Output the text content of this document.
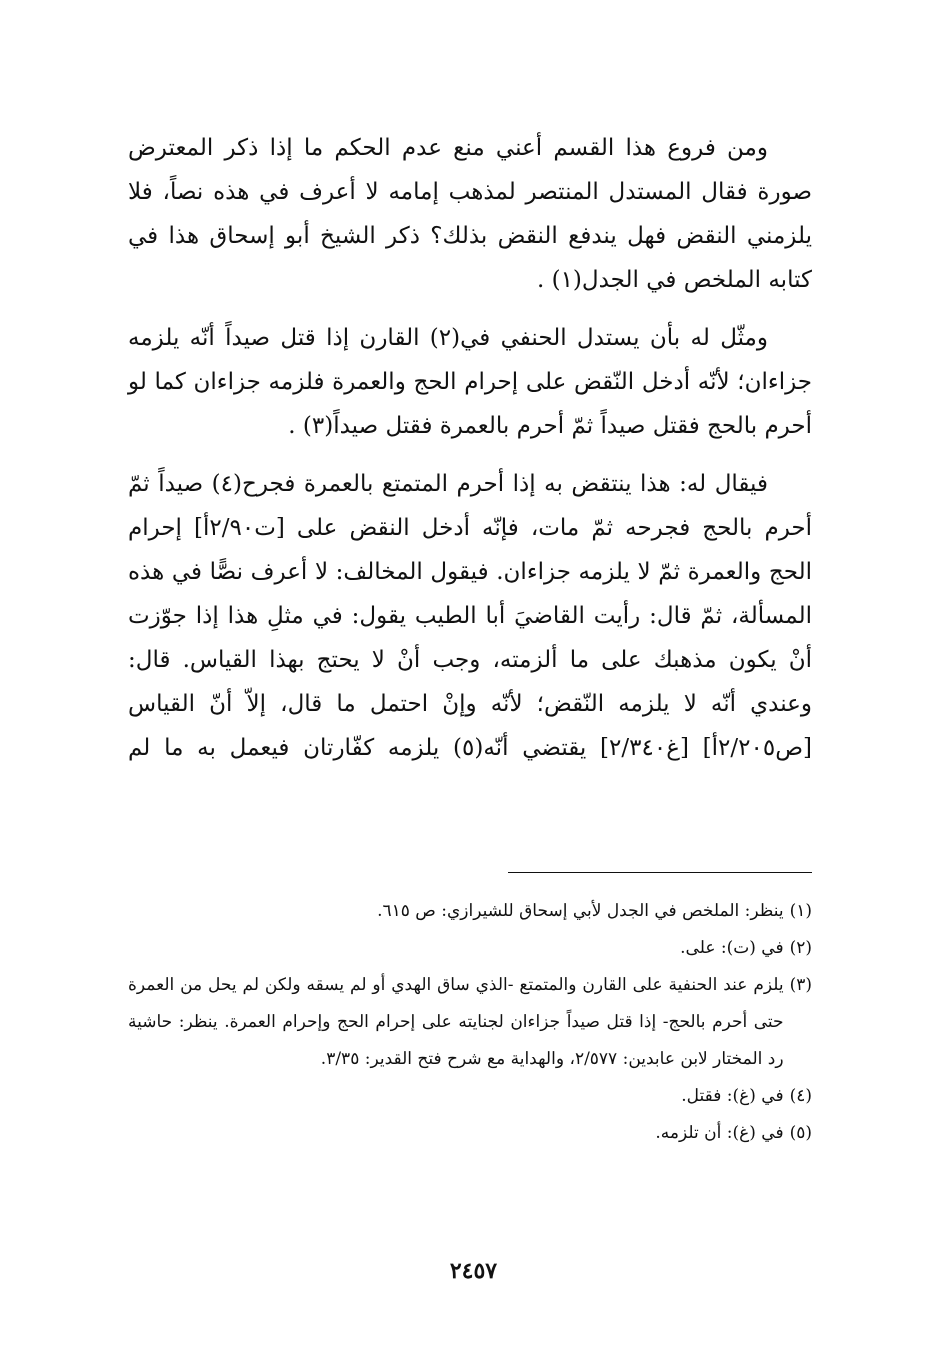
ومن فروع هذا القسم أعني منع عدم الحكم ما إذا ذكر المعترض صورة فقال المستدل المنتصر لمذهب إمامه لا أعرف في هذه نصاً، فلا يلزمني النقض فهل يندفع النقض بذلك؟ ذكر الشيخ أبو إسحاق هذا في كتابه الملخص في الجدل(١) .

ومثّل له بأن يستدل الحنفي في(٢) القارن إذا قتل صيداً أنّه يلزمه جزاءان؛ لأنّه أدخل النّقض على إحرام الحج والعمرة فلزمه جزاءان كما لو أحرم بالحج فقتل صيداً ثمّ أحرم بالعمرة فقتل صيداً(٣) .

فيقال له: هذا ينتقض به إذا أحرم المتمتع بالعمرة فجرح(٤) صيداً ثمّ أحرم بالحج فجرحه ثمّ مات، فإنّه أدخل النقض على [ت٢/٩٠أ] إحرام الحج والعمرة ثمّ لا يلزمه جزاءان. فيقول المخالف: لا أعرف نصًّا في هذه المسألة، ثمّ قال: رأيت القاضيَ أبا الطيب يقول: في مثلِ هذا إذا جوّزت أنْ يكون مذهبك على ما ألزمته، وجب أنْ لا يحتج بهذا القياس. قال: وعندي أنّه لا يلزمه النّقض؛ لأنّه وإنْ احتمل ما قال، إلاّ أنّ القياس [ص٢/٢٠٥أ] [غ٢/٣٤٠] يقتضي أنّه(٥) يلزمه كفّارتان فيعمل به ما لم

(١)
ينظر: الملخص في الجدل لأبي إسحاق للشيرازي: ص ٦١٥.
(٢)
في (ت): على.
(٣)
يلزم عند الحنفية على القارن والمتمتع -الذي ساق الهدي أو لم يسقه ولكن لم يحل من العمرة حتى أحرم بالحج- إذا قتل صيداً جزاءان لجنايته على إحرام الحج وإحرام العمرة. ينظر: حاشية رد المختار لابن عابدين: ٢/٥٧٧، والهداية مع شرح فتح القدير: ٣/٣٥.
(٤)
في (غ): فقتل.
(٥)
في (غ): أن تلزمه.
٢٤٥٧
